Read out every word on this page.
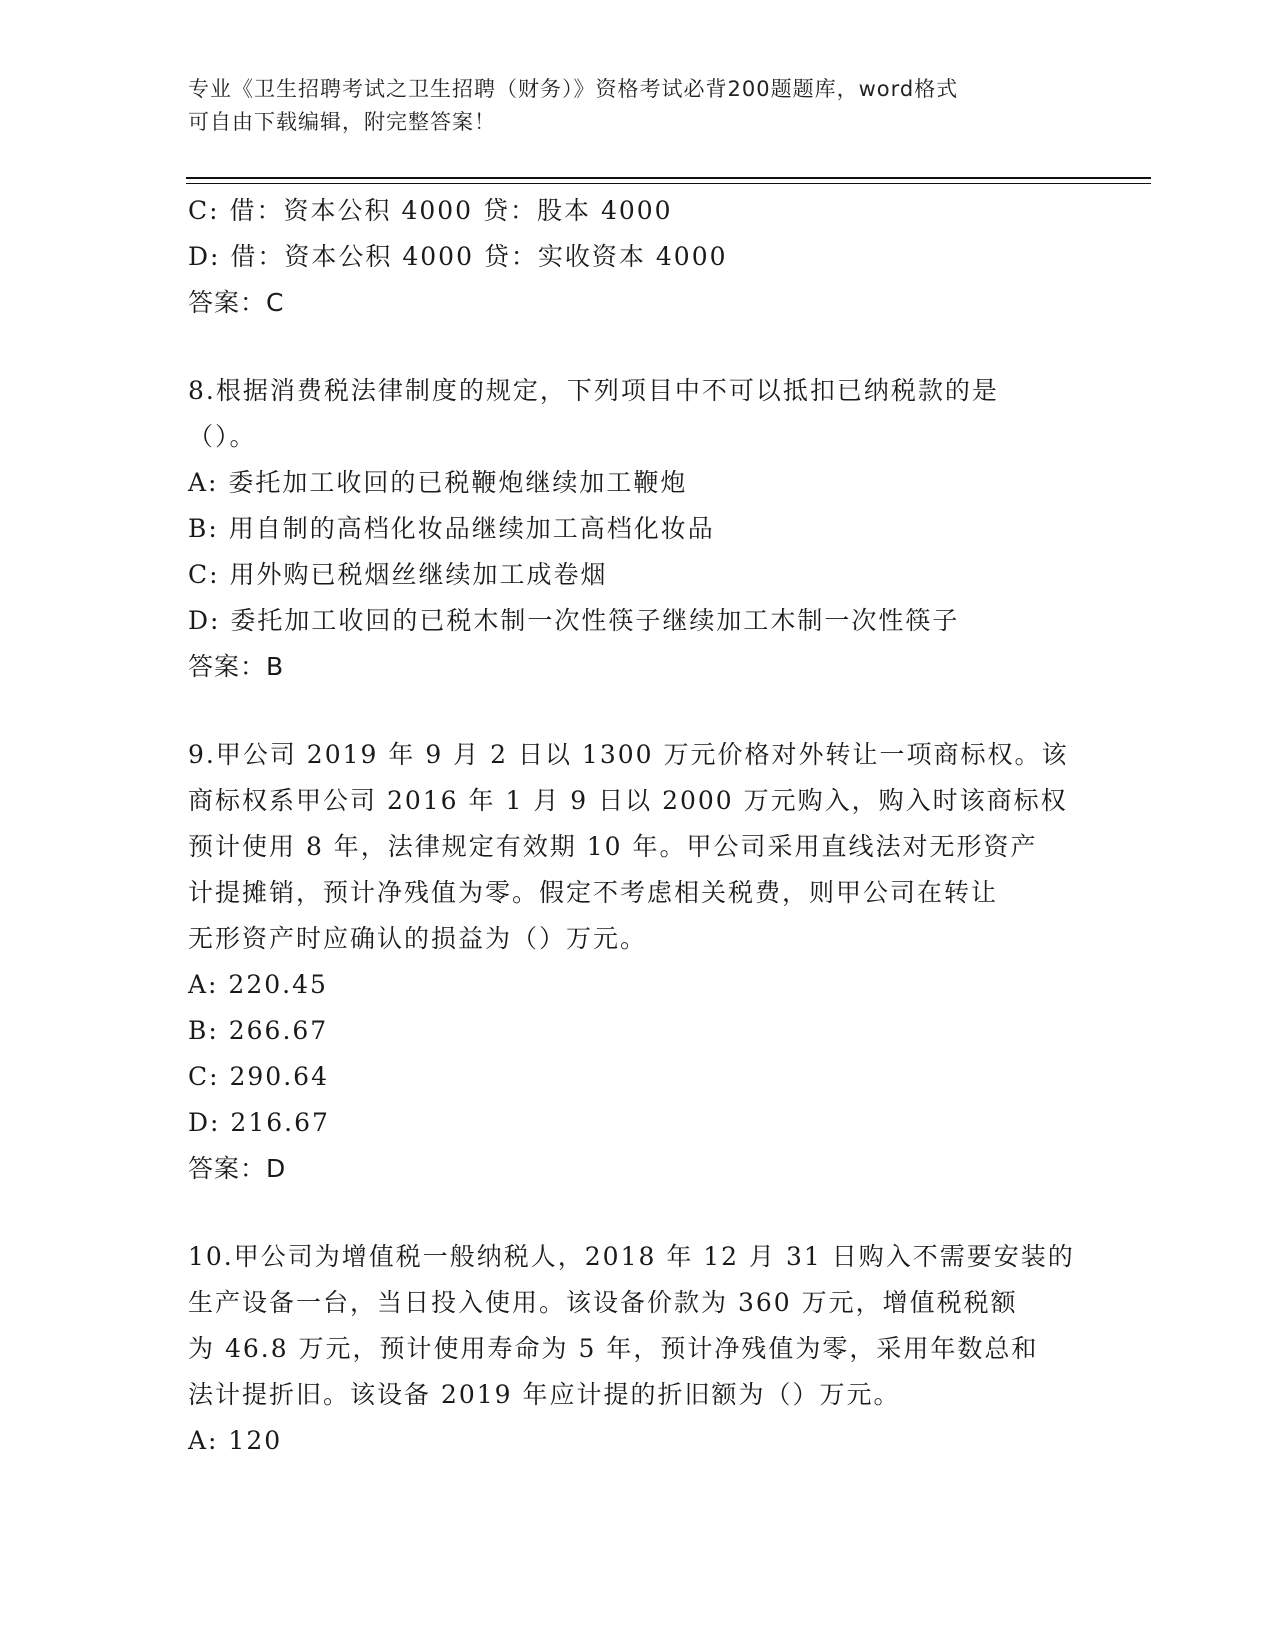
专业《卫生招聘考试之卫生招聘（财务）》资格考试必背200题题库，word格式
可自由下载编辑，附完整答案！
C: 借：资本公积 4000 贷：股本 4000
D: 借：资本公积 4000 贷：实收资本 4000
答案：C
8.根据消费税法律制度的规定，下列项目中不可以抵扣已纳税款的是
（）。
A: 委托加工收回的已税鞭炮继续加工鞭炮
B: 用自制的高档化妆品继续加工高档化妆品
C: 用外购已税烟丝继续加工成卷烟
D: 委托加工收回的已税木制一次性筷子继续加工木制一次性筷子
答案：B
9.甲公司 2019 年 9 月 2 日以 1300 万元价格对外转让一项商标权。该
商标权系甲公司 2016 年 1 月 9 日以 2000 万元购入，购入时该商标权
预计使用 8 年，法律规定有效期 10 年。甲公司采用直线法对无形资产
计提摊销，预计净残值为零。假定不考虑相关税费，则甲公司在转让
无形资产时应确认的损益为（）万元。
A: 220.45
B: 266.67
C: 290.64
D: 216.67
答案：D
10.甲公司为增值税一般纳税人，2018 年 12 月 31 日购入不需要安装的
生产设备一台，当日投入使用。该设备价款为 360 万元，增值税税额
为 46.8 万元，预计使用寿命为 5 年，预计净残值为零，采用年数总和
法计提折旧。该设备 2019 年应计提的折旧额为（）万元。
A: 120
